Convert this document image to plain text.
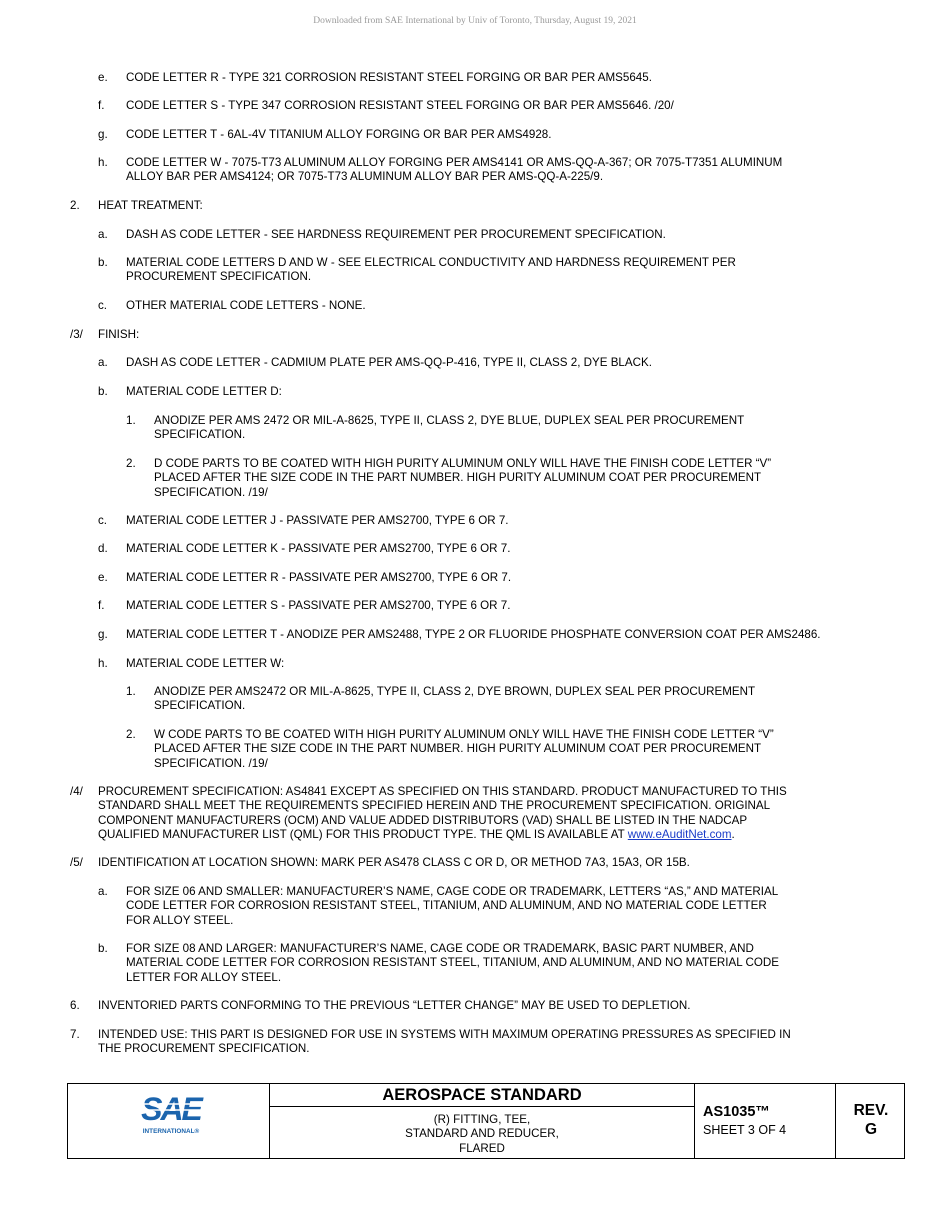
Downloaded from SAE International by Univ of Toronto, Thursday, August 19, 2021
e. CODE LETTER R - TYPE 321 CORROSION RESISTANT STEEL FORGING OR BAR PER AMS5645.
f. CODE LETTER S - TYPE 347 CORROSION RESISTANT STEEL FORGING OR BAR PER AMS5646. /20/
g. CODE LETTER T - 6AL-4V TITANIUM ALLOY FORGING OR BAR PER AMS4928.
h. CODE LETTER W - 7075-T73 ALUMINUM ALLOY FORGING PER AMS4141 OR AMS-QQ-A-367; OR 7075-T7351 ALUMINUM
ALLOY BAR PER AMS4124; OR 7075-T73 ALUMINUM ALLOY BAR PER AMS-QQ-A-225/9.
2. HEAT TREATMENT:
a. DASH AS CODE LETTER - SEE HARDNESS REQUIREMENT PER PROCUREMENT SPECIFICATION.
b. MATERIAL CODE LETTERS D AND W - SEE ELECTRICAL CONDUCTIVITY AND HARDNESS REQUIREMENT PER
PROCUREMENT SPECIFICATION.
c. OTHER MATERIAL CODE LETTERS - NONE.
/3/ FINISH:
a. DASH AS CODE LETTER - CADMIUM PLATE PER AMS-QQ-P-416, TYPE II, CLASS 2, DYE BLACK.
b. MATERIAL CODE LETTER D:
1. ANODIZE PER AMS 2472 OR MIL-A-8625, TYPE II, CLASS 2, DYE BLUE, DUPLEX SEAL PER PROCUREMENT
SPECIFICATION.
2. D CODE PARTS TO BE COATED WITH HIGH PURITY ALUMINUM ONLY WILL HAVE THE FINISH CODE LETTER “V”
PLACED AFTER THE SIZE CODE IN THE PART NUMBER. HIGH PURITY ALUMINUM COAT PER PROCUREMENT
SPECIFICATION. /19/
c. MATERIAL CODE LETTER J - PASSIVATE PER AMS2700, TYPE 6 OR 7.
d. MATERIAL CODE LETTER K - PASSIVATE PER AMS2700, TYPE 6 OR 7.
e. MATERIAL CODE LETTER R - PASSIVATE PER AMS2700, TYPE 6 OR 7.
f. MATERIAL CODE LETTER S - PASSIVATE PER AMS2700, TYPE 6 OR 7.
g. MATERIAL CODE LETTER T - ANODIZE PER AMS2488, TYPE 2 OR FLUORIDE PHOSPHATE CONVERSION COAT PER AMS2486.
h. MATERIAL CODE LETTER W:
1. ANODIZE PER AMS2472 OR MIL-A-8625, TYPE II, CLASS 2, DYE BROWN, DUPLEX SEAL PER PROCUREMENT
SPECIFICATION.
2. W CODE PARTS TO BE COATED WITH HIGH PURITY ALUMINUM ONLY WILL HAVE THE FINISH CODE LETTER “V”
PLACED AFTER THE SIZE CODE IN THE PART NUMBER. HIGH PURITY ALUMINUM COAT PER PROCUREMENT
SPECIFICATION. /19/
/4/ PROCUREMENT SPECIFICATION: AS4841 EXCEPT AS SPECIFIED ON THIS STANDARD. PRODUCT MANUFACTURED TO THIS
STANDARD SHALL MEET THE REQUIREMENTS SPECIFIED HEREIN AND THE PROCUREMENT SPECIFICATION. ORIGINAL
COMPONENT MANUFACTURERS (OCM) AND VALUE ADDED DISTRIBUTORS (VAD) SHALL BE LISTED IN THE NADCAP
QUALIFIED MANUFACTURER LIST (QML) FOR THIS PRODUCT TYPE. THE QML IS AVAILABLE AT www.eAuditNet.com.
/5/ IDENTIFICATION AT LOCATION SHOWN: MARK PER AS478 CLASS C OR D, OR METHOD 7A3, 15A3, OR 15B.
a. FOR SIZE 06 AND SMALLER: MANUFACTURER’S NAME, CAGE CODE OR TRADEMARK, LETTERS “AS,” AND MATERIAL
CODE LETTER FOR CORROSION RESISTANT STEEL, TITANIUM, AND ALUMINUM, AND NO MATERIAL CODE LETTER
FOR ALLOY STEEL.
b. FOR SIZE 08 AND LARGER: MANUFACTURER’S NAME, CAGE CODE OR TRADEMARK, BASIC PART NUMBER, AND
MATERIAL CODE LETTER FOR CORROSION RESISTANT STEEL, TITANIUM, AND ALUMINUM, AND NO MATERIAL CODE
LETTER FOR ALLOY STEEL.
6. INVENTORIED PARTS CONFORMING TO THE PREVIOUS “LETTER CHANGE” MAY BE USED TO DEPLETION.
7. INTENDED USE: THIS PART IS DESIGNED FOR USE IN SYSTEMS WITH MAXIMUM OPERATING PRESSURES AS SPECIFIED IN
THE PROCUREMENT SPECIFICATION.
SAE
INTERNATIONAL®
AEROSPACE STANDARD
(R) FITTING, TEE,
STANDARD AND REDUCER,
FLARED
AS1035™
SHEET 3 OF 4
REV.
G
